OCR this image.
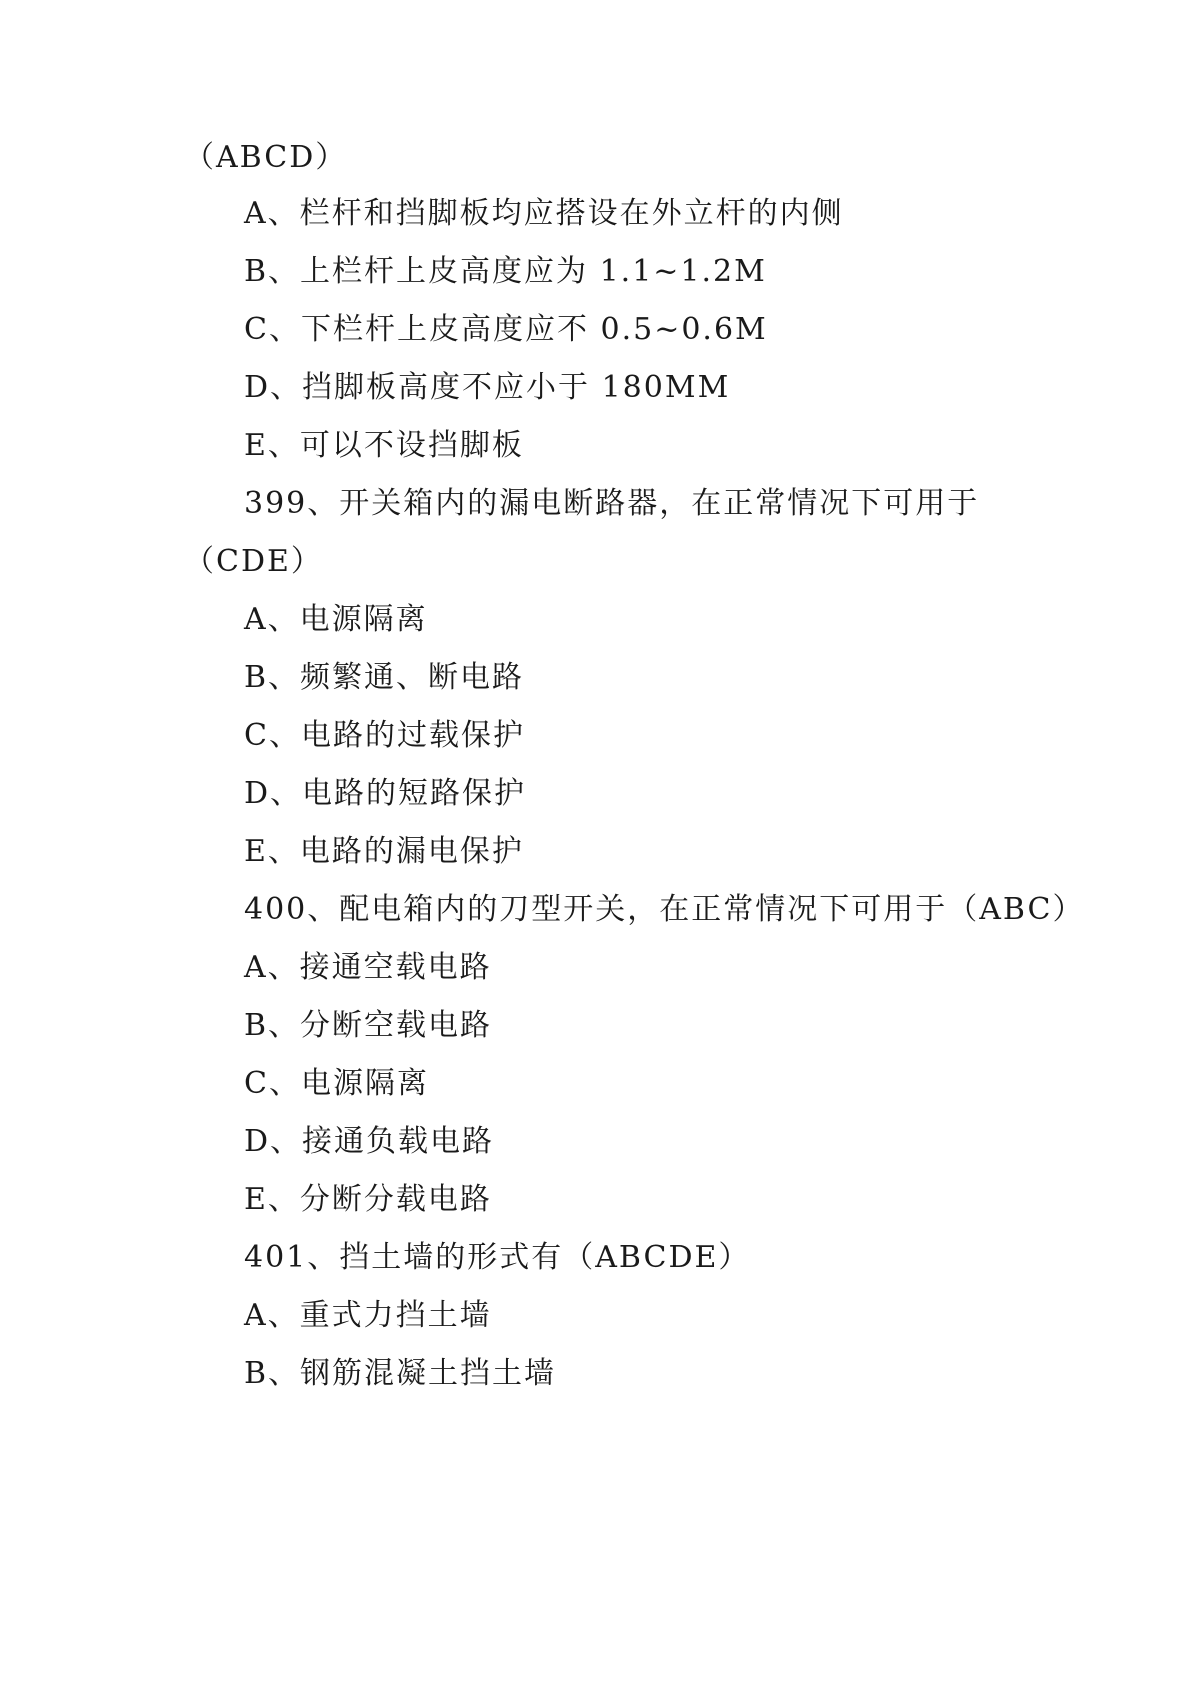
（ABCD）
A、栏杆和挡脚板均应搭设在外立杆的内侧
B、上栏杆上皮高度应为 1.1~1.2M
C、下栏杆上皮高度应不 0.5~0.6M
D、挡脚板高度不应小于 180MM
E、可以不设挡脚板
399、开关箱内的漏电断路器，在正常情况下可用于
（CDE）
A、电源隔离
B、频繁通、断电路
C、电路的过载保护
D、电路的短路保护
E、电路的漏电保护
400、配电箱内的刀型开关，在正常情况下可用于（ABC）
A、接通空载电路
B、分断空载电路
C、电源隔离
D、接通负载电路
E、分断分载电路
401、挡土墙的形式有（ABCDE）
A、重式力挡土墙
B、钢筋混凝土挡土墙
